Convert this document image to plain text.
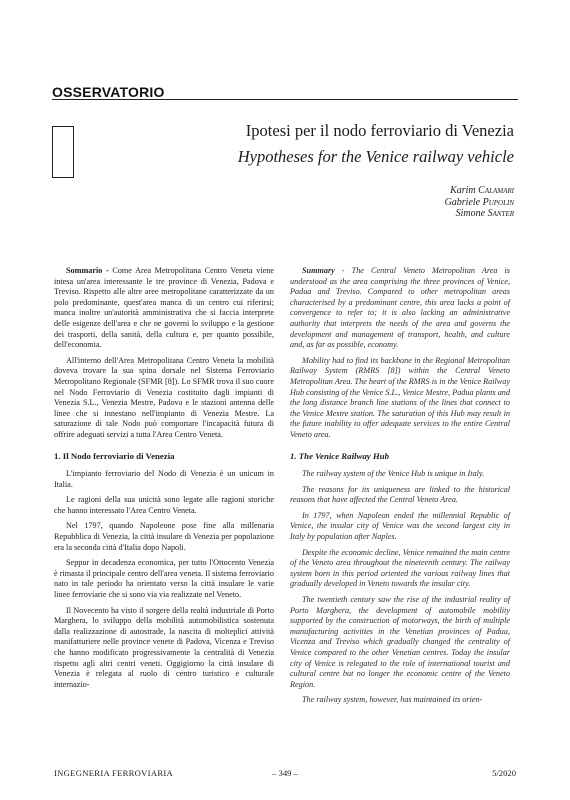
OSSERVATORIO
Ipotesi per il nodo ferroviario di Venezia
Hypotheses for the Venice railway vehicle
Karim Calamari
Gabriele Pupolin
Simone Santer

Sommario - Come Area Metropolitana Centro Veneta viene intesa un'area interessante le tre province di Venezia, Padova e Treviso. Rispetto alle altre aree metropolitane caratterizzate da un polo predominante, quest'area manca di un centro cui riferirsi; manca inoltre un'autorità amministrativa che si faccia interprete delle esigenze dell'area e che ne governi lo sviluppo e la gestione dei trasporti, della sanità, della cultura e, per quanto possibile, dell'economia.

All'interno dell'Area Metropolitana Centro Veneta la mobilità doveva trovare la sua spina dorsale nel Sistema Ferroviario Metropolitano Regionale (SFMR [8]). Lo SFMR trova il suo cuore nel Nodo Ferroviario di Venezia costituito dagli impianti di Venezia S.L., Venezia Mestre, Padova e le stazioni antenna delle linee che si innestano nell'impianto di Venezia Mestre. La saturazione di tale Nodo può comportare l'incapacità futura di offrire adeguati servizi a tutta l'Area Centro Veneta.

1. Il Nodo ferroviario di Venezia

L'impianto ferroviario del Nodo di Venezia è un unicum in Italia.

Le ragioni della sua unicità sono legate alle ragioni storiche che hanno interessato l'Area Centro Veneta.

Nel 1797, quando Napoleone pose fine alla millenaria Repubblica di Venezia, la città insulare di Venezia per popolazione era la seconda città d'Italia dopo Napoli.

Seppur in decadenza economica, per tutto l'Ottocento Venezia è rimasta il principale centro dell'area veneta. Il sistema ferroviario nato in tale periodo ha orientato verso la città insulare le varie linee ferroviarie che si sono via via realizzate nel Veneto.

Il Novecento ha visto il sorgere della realtà industriale di Porto Marghera, lo sviluppo della mobilità automobilistica sostenuta dalla realizzazione di autostrade, la nascita di molteplici attività manifatturiere nelle province venete di Padova, Vicenza e Treviso che hanno modificato progressivamente la centralità di Venezia rispetto agli altri centri veneti. Oggigiorno la città insulare di Venezia è relegata al ruolo di centro turistico e culturale internazio-

Summary - The Central Veneto Metropolitan Area is understood as the area comprising the three provinces of Venice, Padua and Treviso. Compared to other metropolitan areas characterised by a predominant centre, this area lacks a point of convergence to refer to; it is also lacking an administrative authority that interprets the needs of the area and governs the development and management of transport, health, and culture and, as far as possible, economy.

Mobility had to find its backbone in the Regional Metropolitan Railway System (RMRS [8]) within the Central Veneto Metropolitan Area. The heart of the RMRS is in the Venice Railway Hub consisting of the Venice S.L., Venice Mestre, Padua plants and the long distance branch line stations of the lines that connect to the Venice Mestre station. The saturation of this Hub may result in the future inability to offer adequate services to the entire Central Veneto area.

1. The Venice Railway Hub

The railway system of the Venice Hub is unique in Italy.

The reasons for its uniqueness are linked to the historical reasons that have affected the Central Veneto Area.

In 1797, when Napoleon ended the millennial Republic of Venice, the insular city of Venice was the second largest city in Italy by population after Naples.

Despite the economic decline, Venice remained the main centre of the Veneto area throughout the nineteenth century. The railway system born in this period oriented the various railway lines that gradually developed in Veneto towards the insular city.

The twentieth century saw the rise of the industrial reality of Porto Marghera, the development of automobile mobility supported by the construction of motorways, the birth of multiple manufacturing activities in the Venetian provinces of Padua, Vicenza and Treviso which gradually changed the centrality of Venice compared to the other Venetian centres. Today the insular city of Venice is relegated to the role of international tourist and cultural centre but no longer the economic centre of the Veneto Region.

The railway system, however, has maintained its orien-

INGEGNERIA FERROVIARIA	– 349 –	5/2020
